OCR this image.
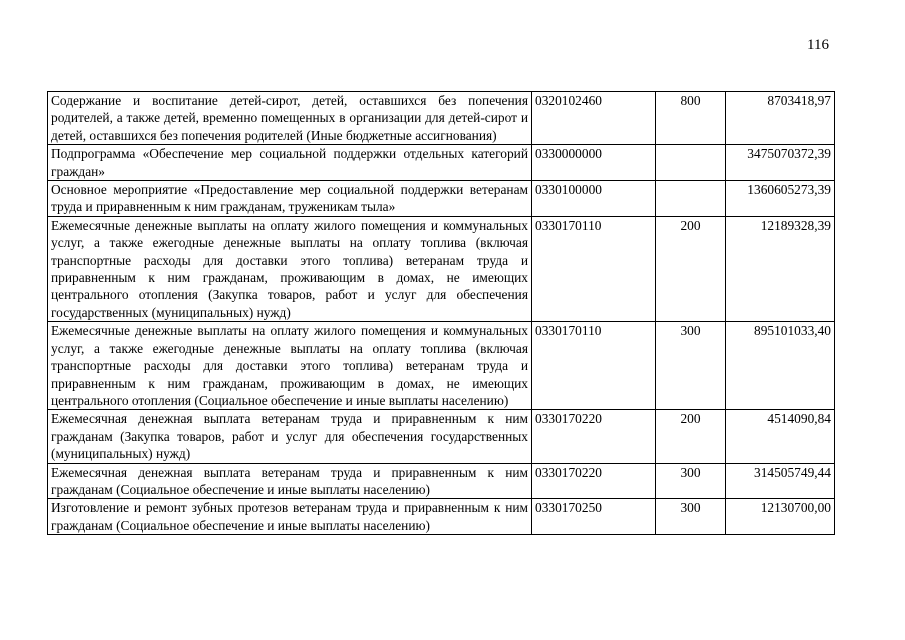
116
Содержание и воспитание детей-сирот, детей, оставшихся без попечения родителей, а также детей, временно помещенных в организации для детей-сирот и детей, оставшихся без попечения родителей (Иные бюджетные ассигнования)	0320102460	800	8703418,97
Подпрограмма «Обеспечение мер социальной поддержки отдельных категорий граждан»	0330000000		3475070372,39
Основное мероприятие «Предоставление мер социальной поддержки ветеранам труда и приравненным к ним гражданам, труженикам тыла»	0330100000		1360605273,39
Ежемесячные денежные выплаты на оплату жилого помещения и коммунальных услуг, а также ежегодные денежные выплаты на оплату топлива (включая транспортные расходы для доставки этого топлива) ветеранам труда и приравненным к ним гражданам, проживающим в домах, не имеющих центрального отопления (Закупка товаров, работ и услуг для обеспечения государственных (муниципальных) нужд)	0330170110	200	12189328,39
Ежемесячные денежные выплаты на оплату жилого помещения и коммунальных услуг, а также ежегодные денежные выплаты на оплату топлива (включая транспортные расходы для доставки этого топлива) ветеранам труда и приравненным к ним гражданам, проживающим в домах, не имеющих центрального отопления (Социальное обеспечение и иные выплаты населению)	0330170110	300	895101033,40
Ежемесячная денежная выплата ветеранам труда и приравненным к ним гражданам (Закупка товаров, работ и услуг для обеспечения государственных (муниципальных) нужд)	0330170220	200	4514090,84
Ежемесячная денежная выплата ветеранам труда и приравненным к ним гражданам (Социальное обеспечение и иные выплаты населению)	0330170220	300	314505749,44
Изготовление и ремонт зубных протезов ветеранам труда и приравненным к ним гражданам (Социальное обеспечение и иные выплаты населению)	0330170250	300	12130700,00
